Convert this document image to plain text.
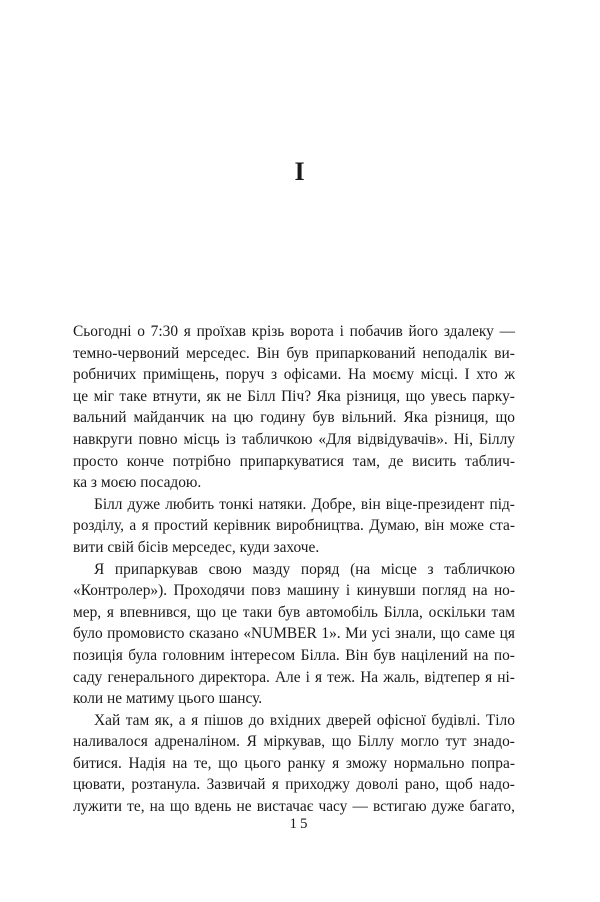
I
Сьогодні о 7:30 я проїхав крізь ворота і побачив його здалеку —
темно-червоний мерседес. Він був припаркований неподалік ви-
робничих приміщень, поруч з офісами. На моєму місці. І хто ж
це міг таке втнути, як не Білл Піч? Яка різниця, що увесь парку-
вальний майданчик на цю годину був вільний. Яка різниця, що
навкруги повно місць із табличкою «Для відвідувачів». Ні, Біллу
просто конче потрібно припаркуватися там, де висить таблич-
ка з моєю посадою.
Білл дуже любить тонкі натяки. Добре, він віце-президент під-
розділу, а я простий керівник виробництва. Думаю, він може ста-
вити свій бісів мерседес, куди захоче.
Я припаркував свою мазду поряд (на місце з табличкою
«Контролер»). Проходячи повз машину і кинувши погляд на но-
мер, я впевнився, що це таки був автомобіль Білла, оскільки там
було промовисто сказано «NUMBER 1». Ми усі знали, що саме ця
позиція була головним інтересом Білла. Він був націлений на по-
саду генерального директора. Але і я теж. На жаль, відтепер я ні-
коли не матиму цього шансу.
Хай там як, а я пішов до вхідних дверей офісної будівлі. Тіло
наливалося адреналіном. Я міркував, що Біллу могло тут знадо-
битися. Надія на те, що цього ранку я зможу нормально попра-
цювати, розтанула. Зазвичай я приходжу доволі рано, щоб надо-
лужити те, на що вдень не вистачає часу — встигаю дуже багато,
15
